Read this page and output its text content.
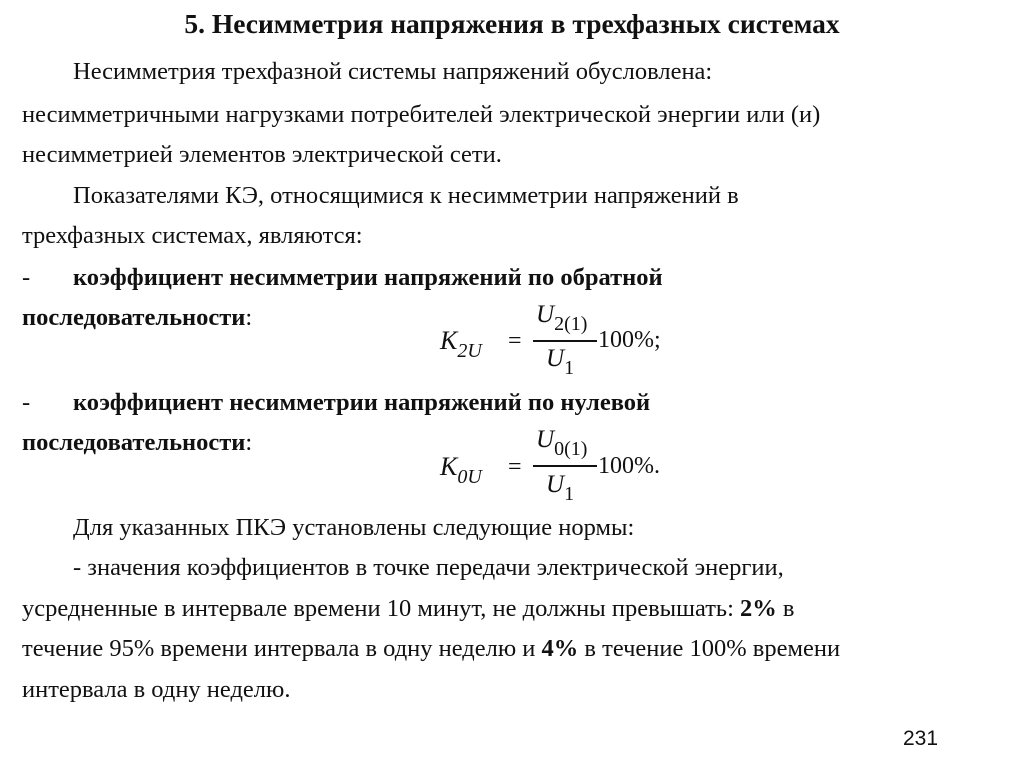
5. Несимметрия напряжения в трехфазных системах
Несимметрия трехфазной системы напряжений обусловлена:
несимметричными нагрузками потребителей электрической энергии или (и)
несимметрией элементов электрической сети.
Показателями КЭ, относящимися к несимметрии напряжений в
трехфазных системах, являются:
- коэффициент несимметрии напряжений по обратной
последовательности:
$K_{2U}$ =
$U_{2(1)}$
$U_1$
100%;
- коэффициент несимметрии напряжений по нулевой
последовательности:
$K_{0U}$ =
$U_{0(1)}$
$U_1$
100%.
Для указанных ПКЭ установлены следующие нормы:
- значения коэффициентов в точке передачи электрической энергии,
усредненные в интервале времени 10 минут, не должны превышать: 2% в
течение 95% времени интервала в одну неделю и 4% в течение 100% времени
интервала в одну неделю.
231
